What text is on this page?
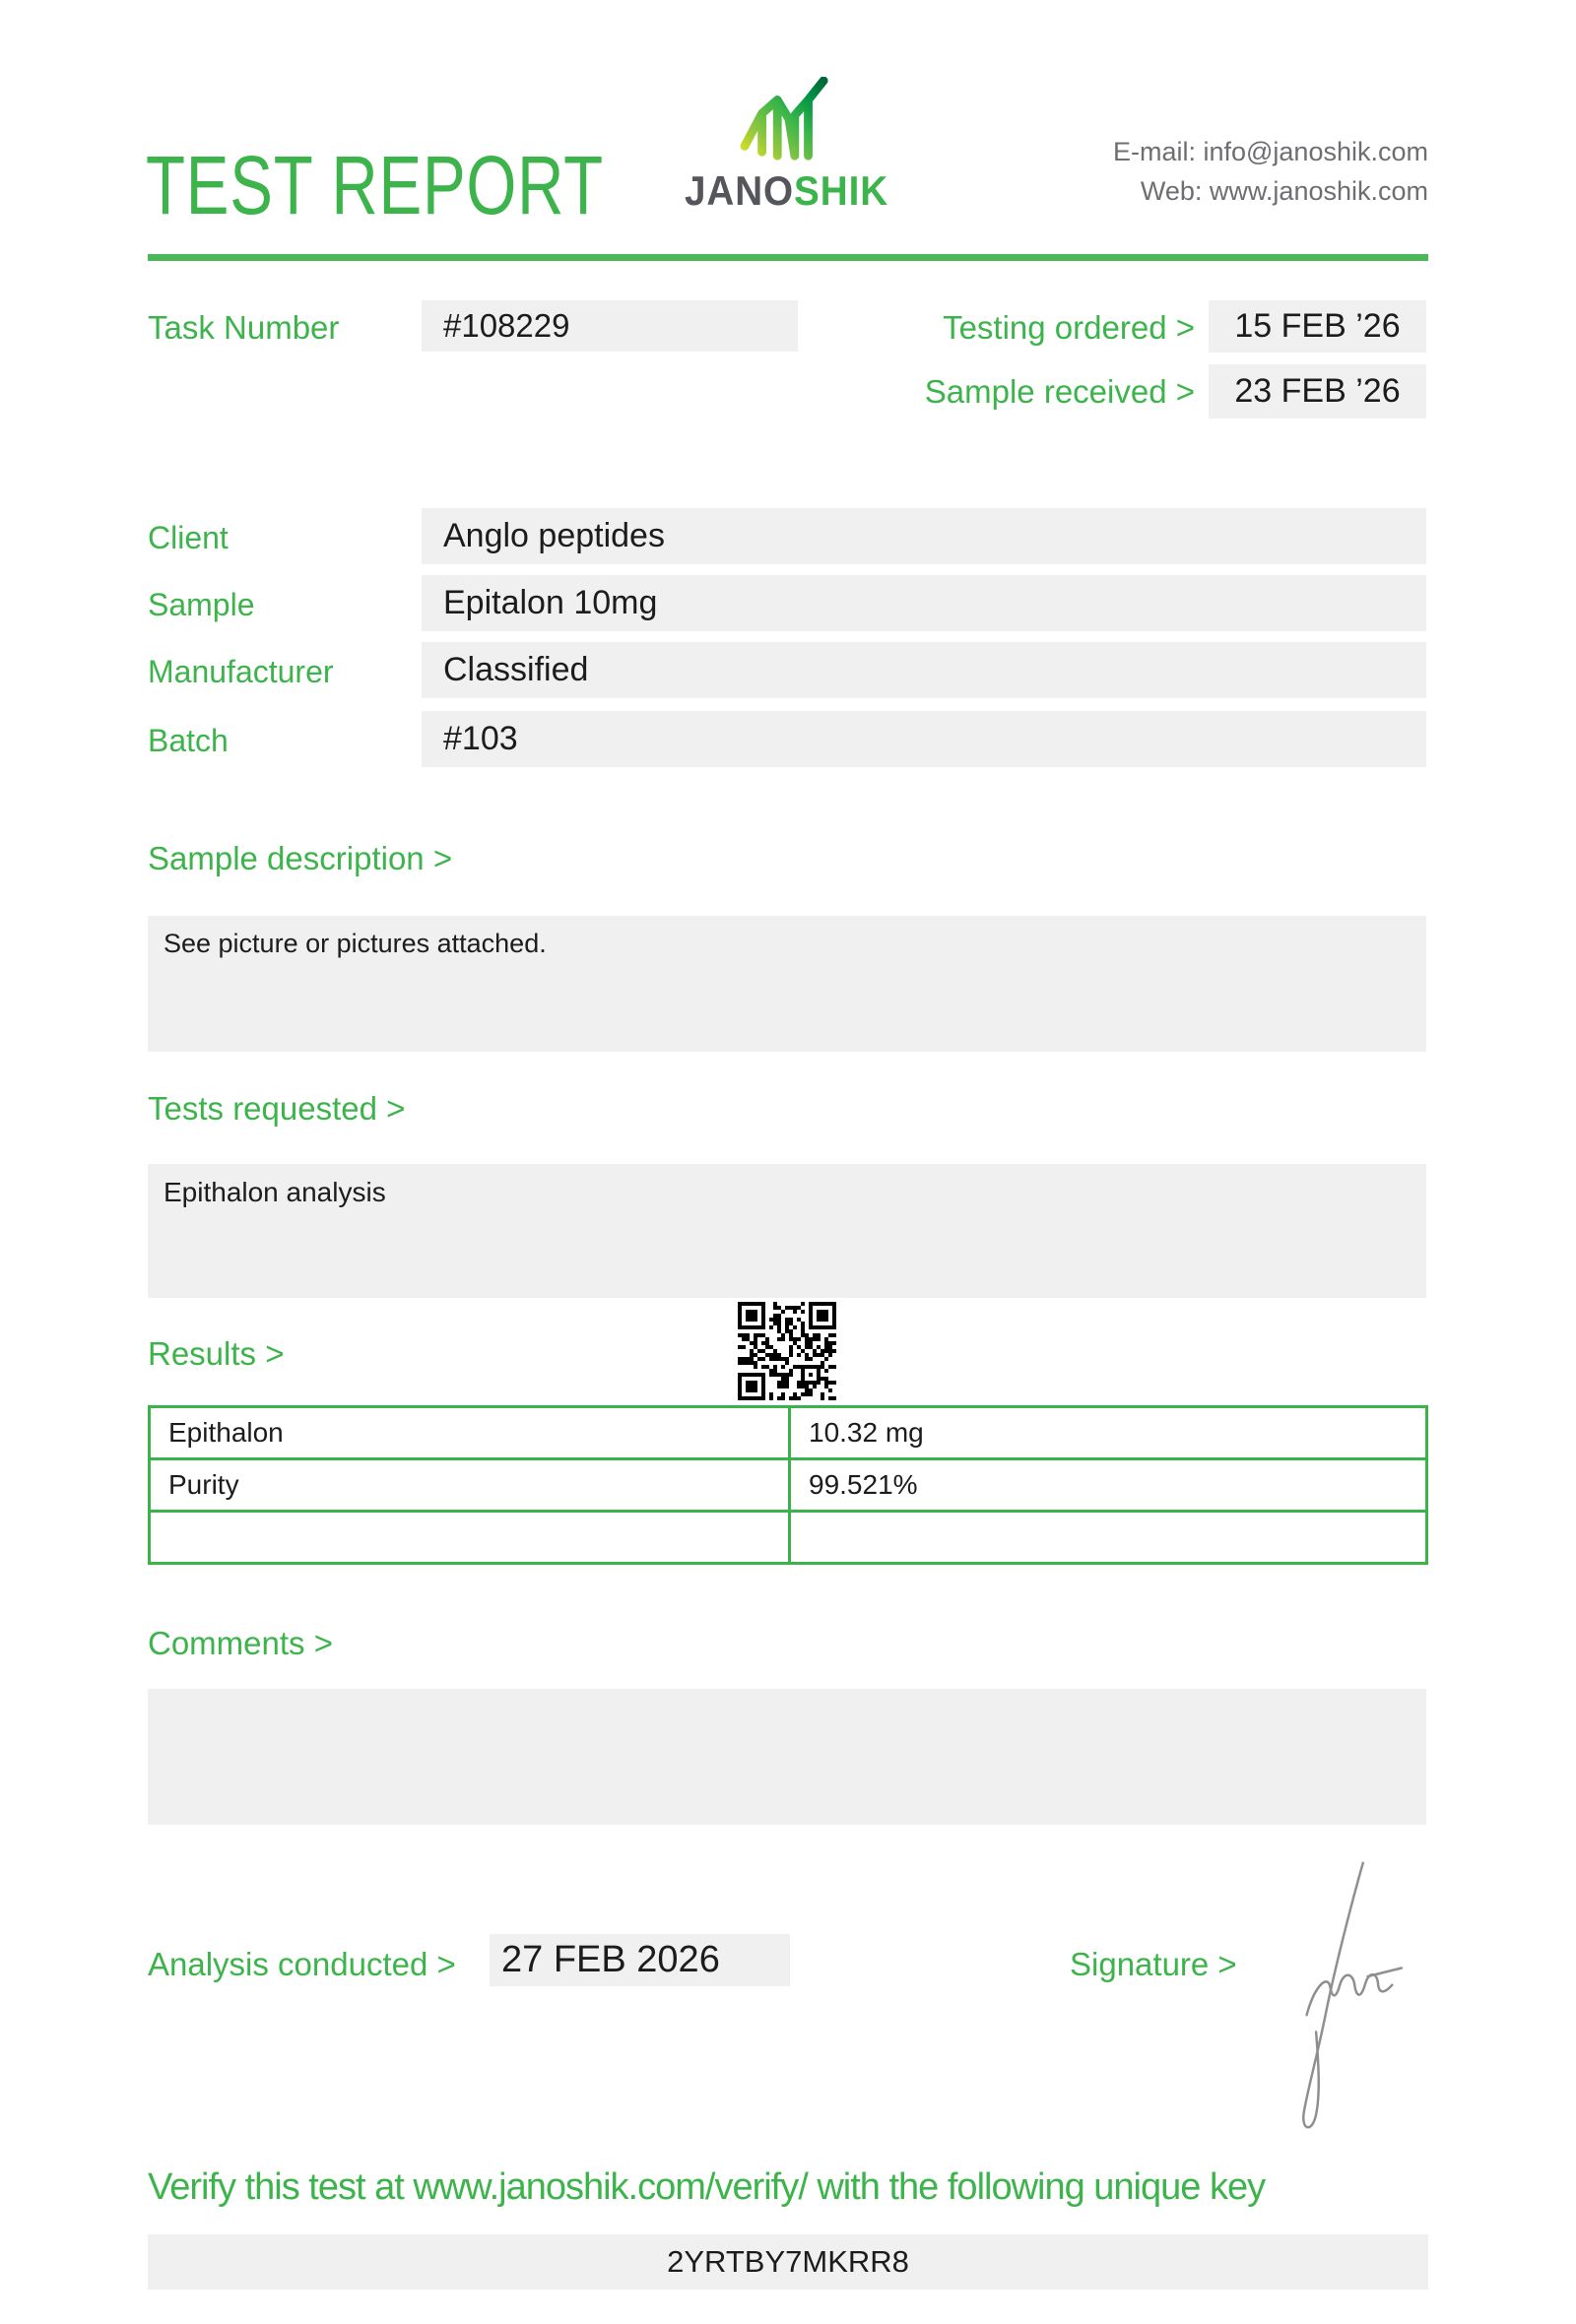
TEST REPORT JANOSHIK
E-mail: info@janoshik.com
Web: www.janoshik.com
Task Number	#108229	Testing ordered >	15 FEB ’26
Sample received >	23 FEB ’26
Client	Anglo peptides
Sample	Epitalon 10mg
Manufacturer	Classified
Batch	#103
Sample description >
See picture or pictures attached.
Tests requested >
Epithalon analysis
Results >
Epithalon	10.32 mg
Purity	99.521%

Comments >
Analysis conducted >	27 FEB 2026	Signature >
Verify this test at www.janoshik.com/verify/ with the following unique key
2YRTBY7MKRR8
